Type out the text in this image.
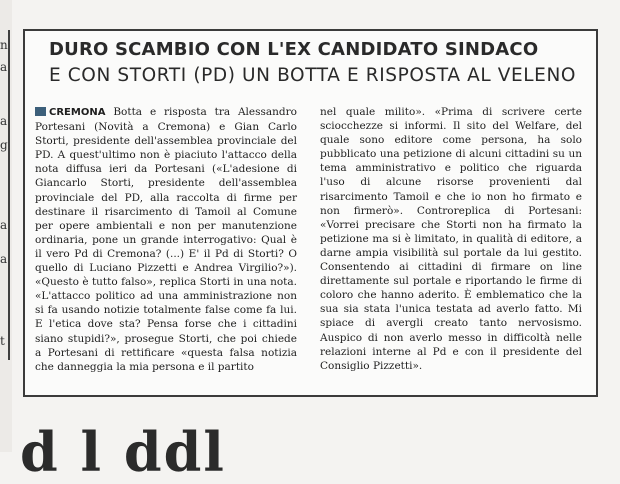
n
a
a
g
a
a
t
DURO SCAMBIO CON L'EX CANDIDATO SINDACO
E CON STORTI (PD) UN BOTTA E RISPOSTA AL VELENO
CREMONA Botta e risposta tra Alessandro Portesani (Novità a Cremona) e Gian Carlo Storti, presidente dell'assemblea provinciale del PD. A quest'ultimo non è piaciuto l'attacco della nota diffusa ieri da Portesani («L'adesione di Giancarlo Storti, presidente dell'assemblea provinciale del PD, alla raccolta di firme per destinare il risarcimento di Tamoil al Comune per opere ambientali e non per manutenzione ordinaria, pone un grande interrogativo: Qual è il vero Pd di Cremona? (...) E' il Pd di Storti? O quello di Luciano Pizzetti e Andrea Virgilio?»). «Questo è tutto falso», replica Storti in una nota. «L'attacco politico ad una amministrazione non si fa usando notizie totalmente false come fa lui. E l'etica dove sta? Pensa forse che i cittadini siano stupidi?», prosegue Storti, che poi chiede a Portesani di rettificare «questa falsa notizia che danneggia la mia persona e il partito
nel quale milito». «Prima di scrivere certe sciocchezze si informi. Il sito del Welfare, del quale sono editore come persona, ha solo pubblicato una petizione di alcuni cittadini su un tema amministrativo e politico che riguarda l'uso di alcune risorse provenienti dal risarcimento Tamoil e che io non ho firmato e non firmerò». Controreplica di Portesani: «Vorrei precisare che Storti non ha firmato la petizione ma si è limitato, in qualità di editore, a darne ampia visibilità sul portale da lui gestito. Consentendo ai cittadini di firmare on line direttamente sul portale e riportando le firme di coloro che hanno aderito. È emblematico che la sua sia stata l'unica testata ad averlo fatto. Mi spiace di avergli creato tanto nervosismo. Auspico di non averlo messo in difficoltà nelle relazioni interne al Pd e con il presidente del Consiglio Pizzetti».
d l ddl
